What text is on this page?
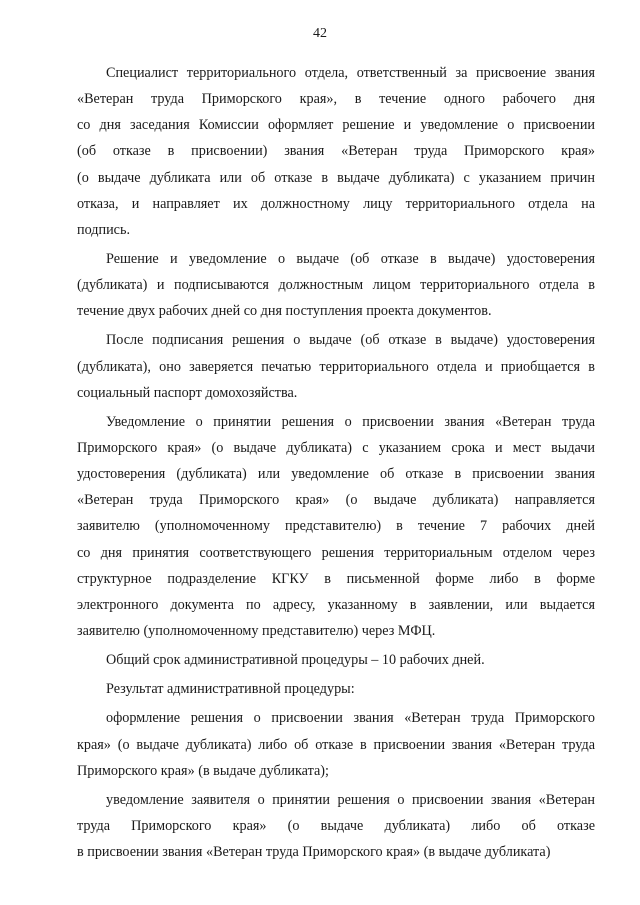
42
Специалист территориального отдела, ответственный за присвоение звания
«Ветеран труда Приморского края», в течение одного рабочего дня
со дня заседания Комиссии оформляет решение и уведомление о присвоении
(об отказе в присвоении) звания «Ветеран труда Приморского края»
(о выдаче дубликата или об отказе в выдаче дубликата) с указанием причин
отказа, и направляет их должностному лицу территориального отдела на
подпись.
Решение и уведомление о выдаче (об отказе в выдаче) удостоверения
(дубликата) и подписываются должностным лицом территориального отдела в
течение двух рабочих дней со дня поступления проекта документов.
После подписания решения о выдаче (об отказе в выдаче) удостоверения
(дубликата), оно заверяется печатью территориального отдела и приобщается в
социальный паспорт домохозяйства.
Уведомление о принятии решения о присвоении звания «Ветеран труда
Приморского края» (о выдаче дубликата) с указанием срока и мест выдачи
удостоверения (дубликата) или уведомление об отказе в присвоении звания
«Ветеран труда Приморского края» (о выдаче дубликата) направляется
заявителю (уполномоченному представителю) в течение 7 рабочих дней
со дня принятия соответствующего решения территориальным отделом через
структурное подразделение КГКУ в письменной форме либо в форме
электронного документа по адресу, указанному в заявлении, или выдается
заявителю (уполномоченному представителю) через МФЦ.
Общий срок административной процедуры – 10 рабочих дней.
Результат административной процедуры:
оформление решения о присвоении звания «Ветеран труда Приморского
края» (о выдаче дубликата) либо об отказе в присвоении звания «Ветеран труда
Приморского края» (в выдаче дубликата);
уведомление заявителя о принятии решения о присвоении звания «Ветеран
труда Приморского края» (о выдаче дубликата) либо об отказе
в присвоении звания «Ветеран труда Приморского края» (в выдаче дубликата)
